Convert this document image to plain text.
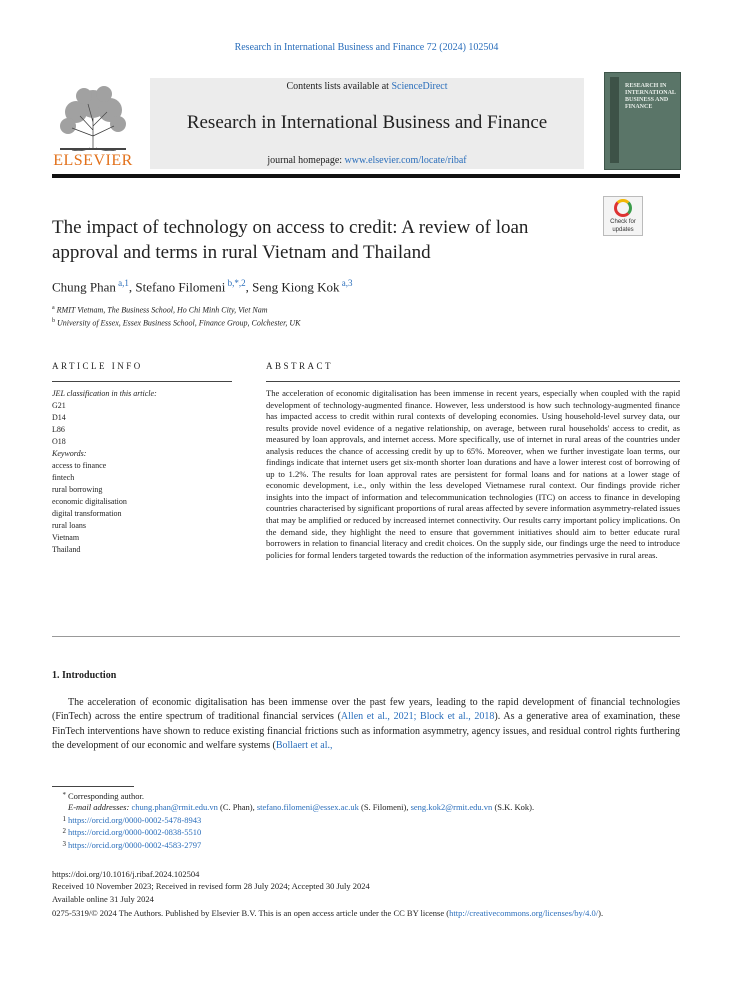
Research in International Business and Finance 72 (2024) 102504
ELSEVIER
Contents lists available at ScienceDirect
Research in International Business and Finance
journal homepage: www.elsevier.com/locate/ribaf
RESEARCH IN INTERNATIONAL BUSINESS AND FINANCE
The impact of technology on access to credit: A review of loan approval and terms in rural Vietnam and Thailand
Check for
updates
Chung Phan $^{a,1}$, Stefano Filomeni $^{b,*,2}$, Seng Kiong Kok $^{a,3}$
$^a$ RMIT Vietnam, The Business School, Ho Chi Minh City, Viet Nam
$^b$ University of Essex, Essex Business School, Finance Group, Colchester, UK
ARTICLE INFO	ABSTRACT
JEL classification in this article:
G21
D14
L86
O18
Keywords:
access to finance
fintech
rural borrowing
economic digitalisation
digital transformation
rural loans
Vietnam
Thailand
The acceleration of economic digitalisation has been immense in recent years, especially when coupled with the rapid development of technology-augmented finance. However, less understood is how such technology-augmented finance has impacted access to credit within rural contexts of developing economies. Using household-level survey data, our results provide novel evidence of a negative relationship, on average, between rural households' access to credit, as measured by loan approvals, and internet access. More specifically, use of internet in rural areas of the countries under analysis reduces the chance of accessing credit by up to 65%. Moreover, when we further investigate loan terms, our findings indicate that internet users get six-month shorter loan durations and have a lower interest cost of borrowing of up to 1.2%. The results for loan approval rates are persistent for formal loans and for nations at a lower stage of economic development, i.e., only within the less developed Vietnamese rural context. Our findings provide richer insights into the impact of information and telecommunication technologies (ITC) on access to finance in developing countries characterised by significant proportions of rural areas affected by severe information asymmetry-related issues that may be amplified or reduced by increased internet connectivity. Our results carry important policy implications. On the demand side, they highlight the need to ensure that government initiatives should aim to better educate rural borrowers in relation to financial literacy and credit choices. On the supply side, our findings urge the need to introduce policies for formal lenders targeted towards the reduction of the information asymmetries pervasive in rural areas.
1. Introduction
The acceleration of economic digitalisation has been immense over the past few years, leading to the rapid development of financial technologies (FinTech) across the entire spectrum of traditional financial services (Allen et al., 2021; Block et al., 2018). As a generative area of examination, these FinTech interventions have shown to reduce existing financial frictions such as information asymmetry, agency issues, and residual control rights furthering the development of our economic and welfare systems (Bollaert et al.,
* Corresponding author.
E-mail addresses: chung.phan@rmit.edu.vn (C. Phan), stefano.filomeni@essex.ac.uk (S. Filomeni), seng.kok2@rmit.edu.vn (S.K. Kok).
1 https://orcid.org/0000-0002-5478-8943
2 https://orcid.org/0000-0002-0838-5510
3 https://orcid.org/0000-0002-4583-2797
https://doi.org/10.1016/j.ribaf.2024.102504
Received 10 November 2023; Received in revised form 28 July 2024; Accepted 30 July 2024
Available online 31 July 2024
0275-5319/© 2024 The Authors. Published by Elsevier B.V. This is an open access article under the CC BY license (http://creativecommons.org/licenses/by/4.0/).
